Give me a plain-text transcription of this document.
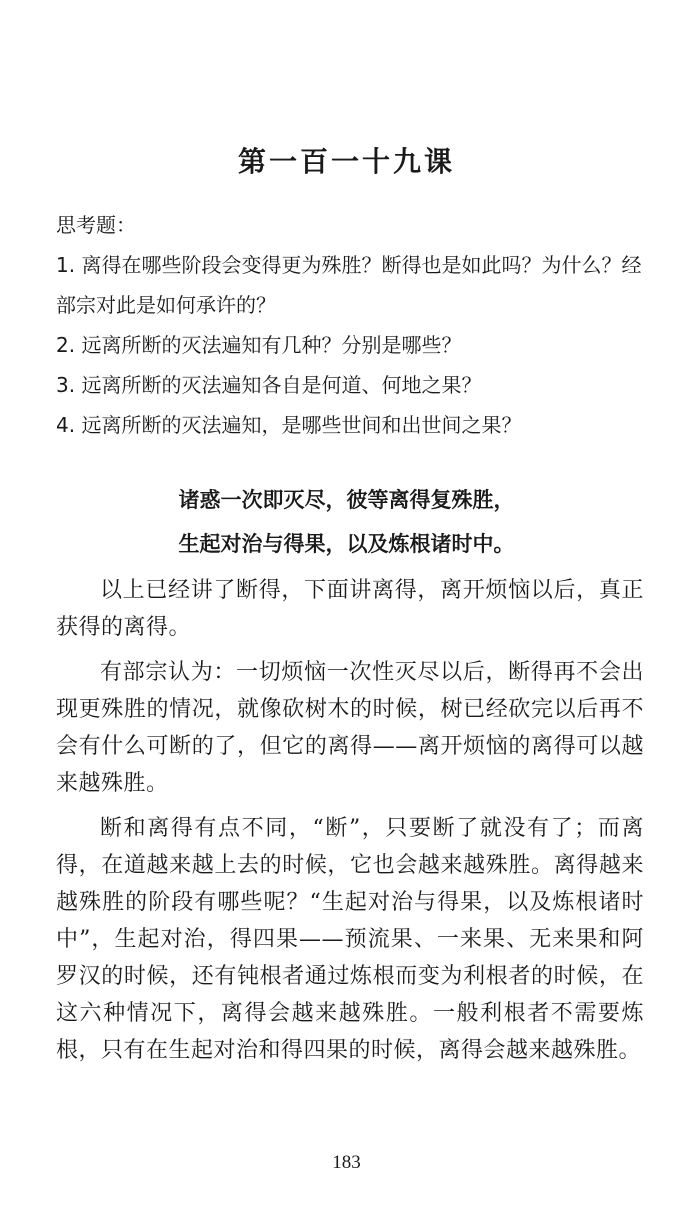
第一百一十九课

思考题：

1. 离得在哪些阶段会变得更为殊胜？断得也是如此吗？为什么？经部宗对此是如何承许的？

2. 远离所断的灭法遍知有几种？分别是哪些？

3. 远离所断的灭法遍知各自是何道、何地之果？

4. 远离所断的灭法遍知，是哪些世间和出世间之果？

诸惑一次即灭尽，彼等离得复殊胜，

生起对治与得果，以及炼根诸时中。

以上已经讲了断得，下面讲离得，离开烦恼以后，真正获得的离得。

有部宗认为：一切烦恼一次性灭尽以后，断得再不会出现更殊胜的情况，就像砍树木的时候，树已经砍完以后再不会有什么可断的了，但它的离得——离开烦恼的离得可以越来越殊胜。

断和离得有点不同，“断”，只要断了就没有了；而离得，在道越来越上去的时候，它也会越来越殊胜。离得越来越殊胜的阶段有哪些呢？“生起对治与得果，以及炼根诸时中”，生起对治，得四果——预流果、一来果、无来果和阿罗汉的时候，还有钝根者通过炼根而变为利根者的时候，在这六种情况下，离得会越来越殊胜。一般利根者不需要炼根，只有在生起对治和得四果的时候，离得会越来越殊胜。

183
